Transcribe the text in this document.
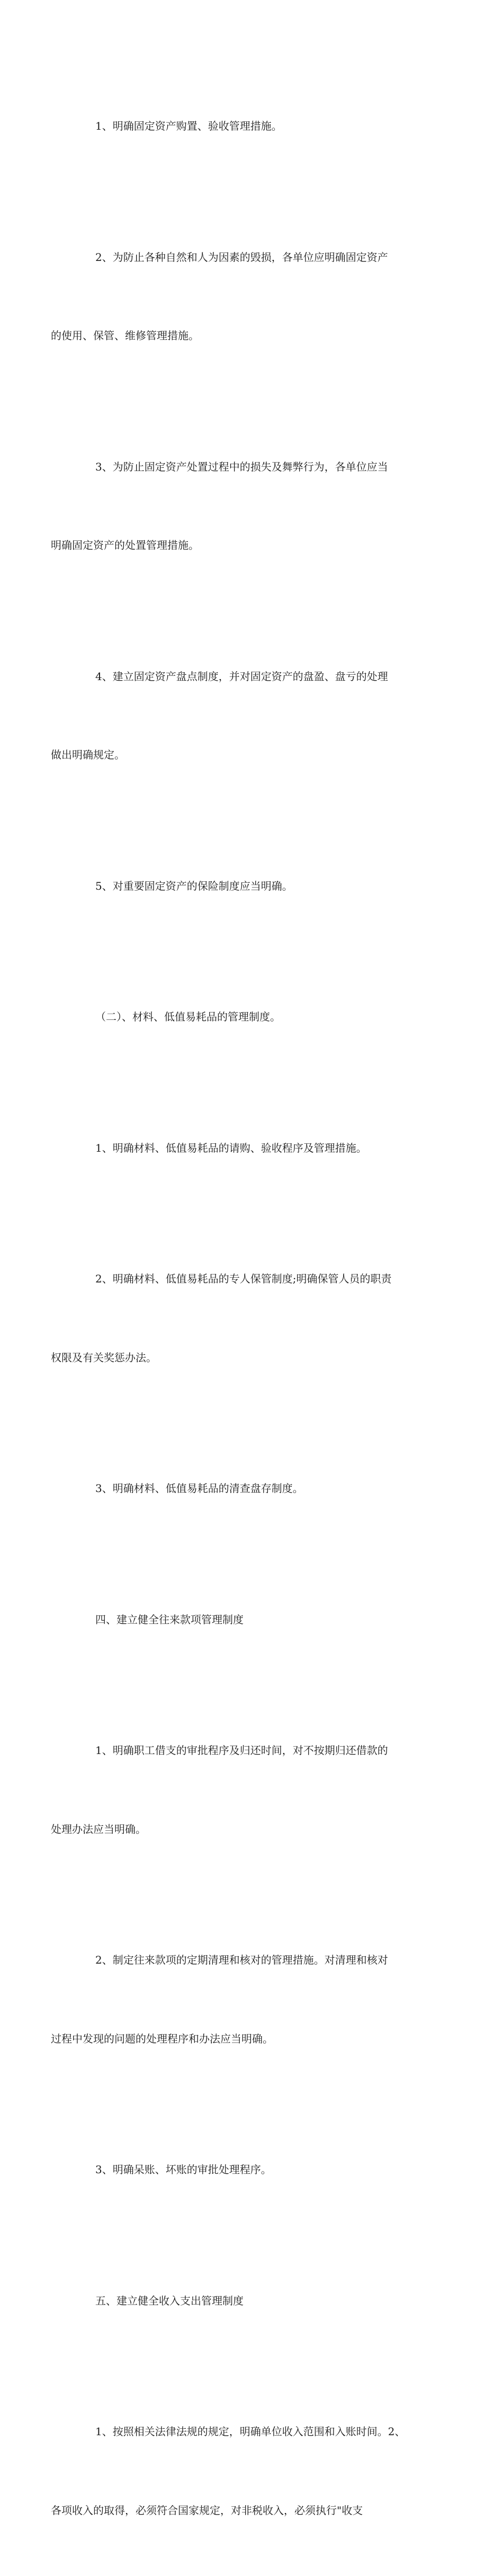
1、明确固定资产购置、验收管理措施。

2、为防止各种自然和人为因素的毁损，各单位应明确固定资产

的使用、保管、维修管理措施。

3、为防止固定资产处置过程中的损失及舞弊行为，各单位应当

明确固定资产的处置管理措施。

4、建立固定资产盘点制度，并对固定资产的盘盈、盘亏的处理

做出明确规定。

5、对重要固定资产的保险制度应当明确。

（二）、材料、低值易耗品的管理制度。

1、明确材料、低值易耗品的请购、验收程序及管理措施。

2、明确材料、低值易耗品的专人保管制度;明确保管人员的职责

权限及有关奖惩办法。

3、明确材料、低值易耗品的清查盘存制度。

四、建立健全往来款项管理制度

1、明确职工借支的审批程序及归还时间，对不按期归还借款的

处理办法应当明确。

2、制定往来款项的定期清理和核对的管理措施。对清理和核对

过程中发现的问题的处理程序和办法应当明确。

3、明确呆账、坏账的审批处理程序。

五、建立健全收入支出管理制度

1、按照相关法律法规的规定，明确单位收入范围和入账时间。2、

各项收入的取得，必须符合国家规定，对非税收入，必须执行"收支
